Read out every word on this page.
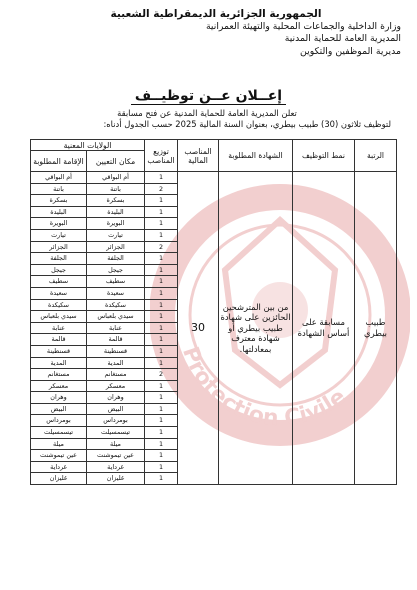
Protection Civile
الجمهورية الجزائرية الديمقراطية الشعبية
وزارة الداخلية والجماعات المحلية والتهيئة العمرانية
المديرية العامة للحماية المدنية
مديرية الموظفين والتكوين
إعــلان عــن توظيــف
تعلن المديرية العامة للحماية المدنية عن فتح مسابقة
لتوظيف ثلاثون (30) طبيب بيطري، بعنوان السنة المالية 2025 حسب الجدول أدناه:
الرتبة	نمط التوظيف	الشهادة المطلوبة	المناصب المالية	توزيع المناصب	الولايات المعنية	
					مكان التعيين	الإقامة المطلوبة
طبيب بيطري	مسابقة على أساس الشهادة	من بين المترشحين الحائزين على شهادة طبيب بيطري أو شهادة معترف بمعادلتها.	30	1	أم البواقي	أم البواقي
				2	باتنة	باتنة
				1	بسكرة	بسكرة
				1	البليدة	البليدة
				1	البويرة	البويرة
				1	تيارت	تيارت
				2	الجزائر	الجزائر
				1	الجلفة	الجلفة
				1	جيجل	جيجل
				1	سطيف	سطيف
				1	سعيدة	سعيدة
				1	سكيكدة	سكيكدة
				1	سيدي بلعباس	سيدي بلعباس
				1	عنابة	عنابة
				1	قالمة	قالمة
				1	قسنطينة	قسنطينة
				1	المدية	المدية
				2	مستغانم	مستغانم
				1	معسكر	معسكر
				1	وهران	وهران
				1	البيض	البيض
				1	بومرداس	بومرداس
				1	تيسمسيلت	تيسمسيلت
				1	ميلة	ميلة
				1	عين تيموشنت	عين تيموشنت
				1	غرداية	غرداية
				1	غليزان	غليزان
